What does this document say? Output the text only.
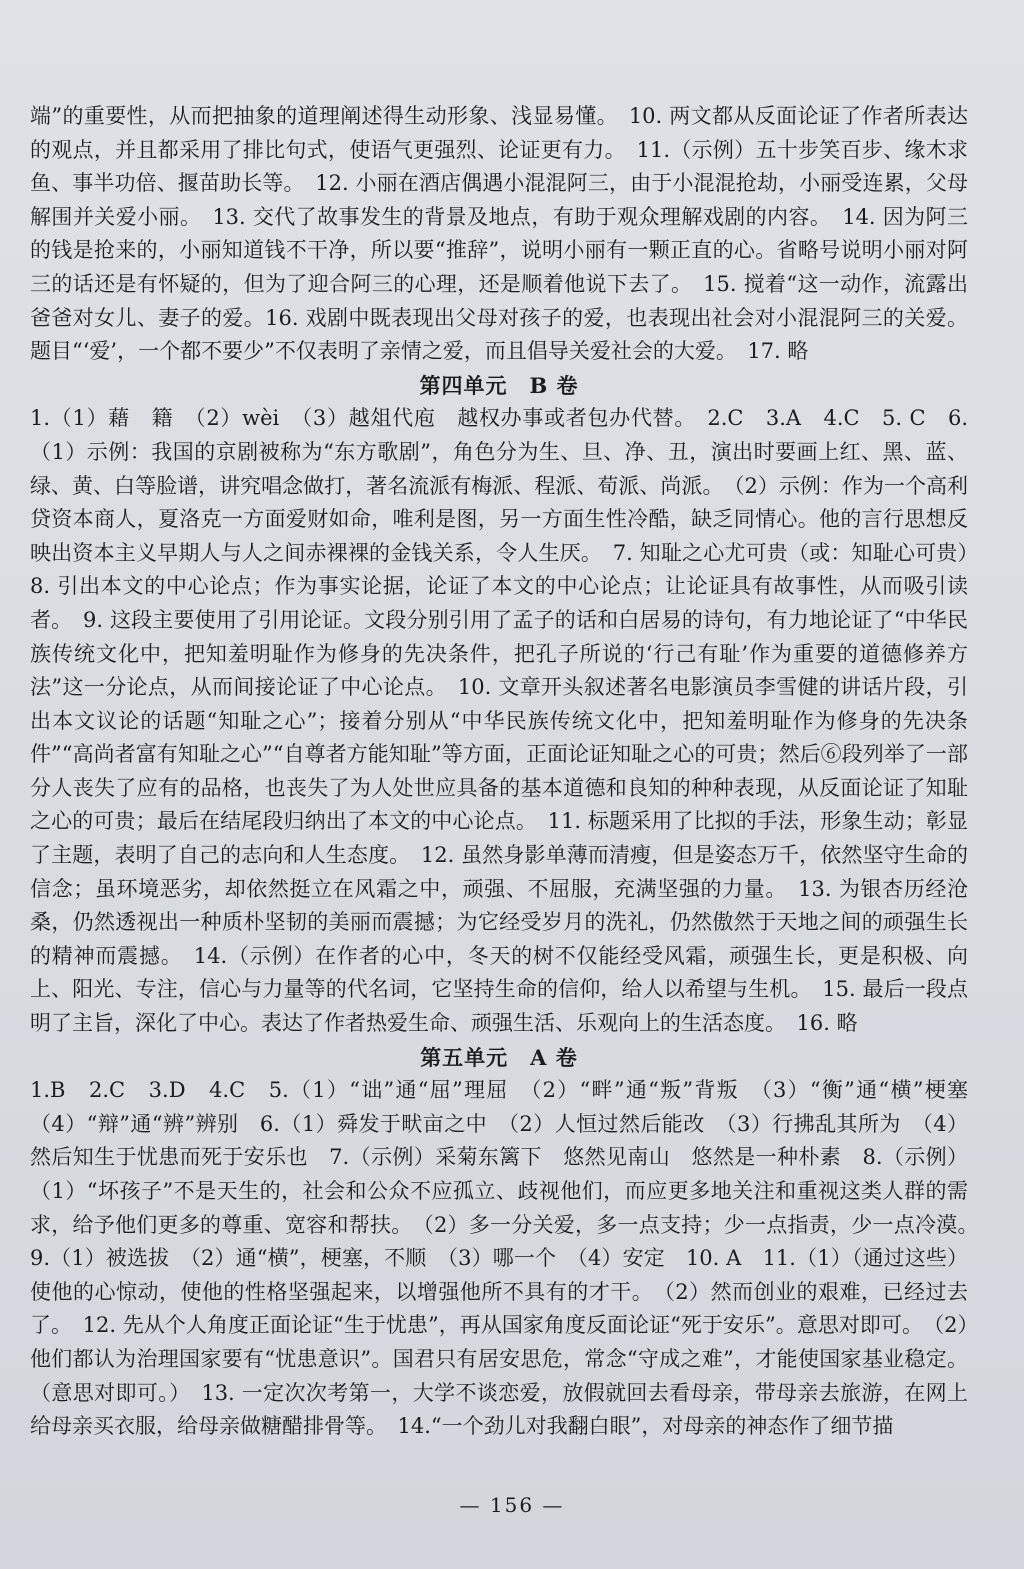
端”的重要性，从而把抽象的道理阐述得生动形象、浅显易懂。　10. 两文都从反面论证了作者所表达的观点，并且都采用了排比句式，使语气更强烈、论证更有力。　11.（示例）五十步笑百步、缘木求鱼、事半功倍、揠苗助长等。　12. 小丽在酒店偶遇小混混阿三，由于小混混抢劫，小丽受连累，父母解围并关爱小丽。　13. 交代了故事发生的背景及地点，有助于观众理解戏剧的内容。　14. 因为阿三的钱是抢来的，小丽知道钱不干净，所以要“推辞”，说明小丽有一颗正直的心。省略号说明小丽对阿三的话还是有怀疑的，但为了迎合阿三的心理，还是顺着他说下去了。　15. 搅着“这一动作，流露出爸爸对女儿、妻子的爱。16. 戏剧中既表现出父母对孩子的爱，也表现出社会对小混混阿三的关爱。题目“‘爱’，一个都不要少”不仅表明了亲情之爱，而且倡导关爱社会的大爱。　17. 略

第四单元　B 卷

1.（1）藉　籍　（2）wèi　（3）越俎代庖　越权办事或者包办代替。　2.C　3.A　4.C　5. C　6.（1）示例：我国的京剧被称为“东方歌剧”，角色分为生、旦、净、丑，演出时要画上红、黑、蓝、绿、黄、白等脸谱，讲究唱念做打，著名流派有梅派、程派、荀派、尚派。　（2）示例：作为一个高利贷资本商人，夏洛克一方面爱财如命，唯利是图，另一方面生性冷酷，缺乏同情心。他的言行思想反映出资本主义早期人与人之间赤裸裸的金钱关系，令人生厌。　7. 知耻之心尤可贵（或：知耻心可贵）　8. 引出本文的中心论点；作为事实论据，论证了本文的中心论点；让论证具有故事性，从而吸引读者。　9. 这段主要使用了引用论证。文段分别引用了孟子的话和白居易的诗句，有力地论证了“中华民族传统文化中，把知羞明耻作为修身的先决条件，把孔子所说的‘行己有耻’作为重要的道德修养方法”这一分论点，从而间接论证了中心论点。　10. 文章开头叙述著名电影演员李雪健的讲话片段，引出本文议论的话题“知耻之心”；接着分别从“中华民族传统文化中，把知羞明耻作为修身的先决条件”“高尚者富有知耻之心”“自尊者方能知耻”等方面，正面论证知耻之心的可贵；然后⑥段列举了一部分人丧失了应有的品格，也丧失了为人处世应具备的基本道德和良知的种种表现，从反面论证了知耻之心的可贵；最后在结尾段归纳出了本文的中心论点。　11. 标题采用了比拟的手法，形象生动；彰显了主题，表明了自己的志向和人生态度。　12. 虽然身影单薄而清瘦，但是姿态万千，依然坚守生命的信念；虽环境恶劣，却依然挺立在风霜之中，顽强、不屈服，充满坚强的力量。　13. 为银杏历经沧桑，仍然透视出一种质朴坚韧的美丽而震撼；为它经受岁月的洗礼，仍然傲然于天地之间的顽强生长的精神而震撼。　14.（示例）在作者的心中，冬天的树不仅能经受风霜，顽强生长，更是积极、向上、阳光、专注，信心与力量等的代名词，它坚持生命的信仰，给人以希望与生机。　15. 最后一段点明了主旨，深化了中心。表达了作者热爱生命、顽强生活、乐观向上的生活态度。　16. 略

第五单元　A 卷

1.B　2.C　3.D　4.C　5.（1）“诎”通“屈”理屈　（2）“畔”通“叛”背叛　（3）“衡”通“横”梗塞　（4）“辩”通“辨”辨别　6.（1）舜发于畎亩之中　（2）人恒过然后能改　（3）行拂乱其所为　（4）然后知生于忧患而死于安乐也　7.（示例）采菊东篱下　悠然见南山　悠然是一种朴素　8.（示例）（1）“坏孩子”不是天生的，社会和公众不应孤立、歧视他们，而应更多地关注和重视这类人群的需求，给予他们更多的尊重、宽容和帮扶。　（2）多一分关爱，多一点支持；少一点指责，少一点冷漠。　9.（1）被选拔　（2）通“横”，梗塞，不顺　（3）哪一个　（4）安定　10. A　11.（1）（通过这些）使他的心惊动，使他的性格坚强起来，以增强他所不具有的才干。　（2）然而创业的艰难，已经过去了。　12. 先从个人角度正面论证“生于忧患”，再从国家角度反面论证“死于安乐”。意思对即可。　（2）他们都认为治理国家要有“忧患意识”。国君只有居安思危，常念“守成之难”，才能使国家基业稳定。（意思对即可。）　13. 一定次次考第一，大学不谈恋爱，放假就回去看母亲，带母亲去旅游，在网上给母亲买衣服，给母亲做糖醋排骨等。　14.“一个劲儿对我翻白眼”，对母亲的神态作了细节描

— 156 —
